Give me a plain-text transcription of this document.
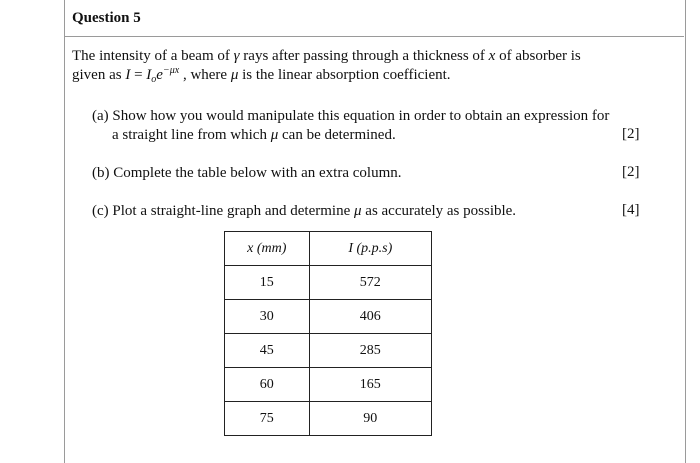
Question 5
The intensity of a beam of γ rays after passing through a thickness of x of absorber is
given as $I = I_oe^{-\mu x}$ , where μ is the linear absorption coefficient.
(a) Show how you would manipulate this equation in order to obtain an expression for
a straight line from which μ can be determined.	[2]
(b) Complete the table below with an extra column.	[2]
(c) Plot a straight-line graph and determine μ as accurately as possible.	[4]
x (mm)	I (p.p.s)
15	572
30	406
45	285
60	165
75	90
